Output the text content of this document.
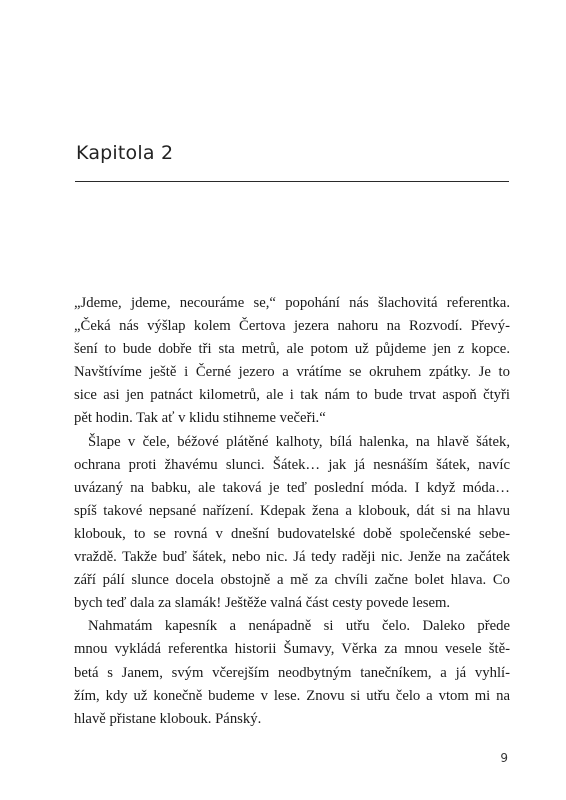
Kapitola 2

„Jdeme, jdeme, necouráme se,“ popohání nás šlachovitá referentka.
„Čeká nás výšlap kolem Čertova jezera nahoru na Rozvodí. Převý-
šení to bude dobře tři sta metrů, ale potom už půjdeme jen z kopce.
Navštívíme ještě i Černé jezero a vrátíme se okruhem zpátky. Je to
sice asi jen patnáct kilometrů, ale i tak nám to bude trvat aspoň čtyři
pět hodin. Tak ať v klidu stihneme večeři.“

Šlape v čele, béžové plátěné kalhoty, bílá halenka, na hlavě šátek,
ochrana proti žhavému slunci. Šátek… jak já nesnáším šátek, navíc
uvázaný na babku, ale taková je teď poslední móda. I když móda…
spíš takové nepsané nařízení. Kdepak žena a klobouk, dát si na hlavu
klobouk, to se rovná v dnešní budovatelské době společenské sebe-
vraždě. Takže buď šátek, nebo nic. Já tedy raději nic. Jenže na začátek
září pálí slunce docela obstojně a mě za chvíli začne bolet hlava. Co
bych teď dala za slamák! Ještěže valná část cesty povede lesem.

Nahmatám kapesník a nenápadně si utřu čelo. Daleko přede
mnou vykládá referentka historii Šumavy, Věrka za mnou vesele ště-
betá s Janem, svým včerejším neodbytným tanečníkem, a já vyhlí-
žím, kdy už konečně budeme v lese. Znovu si utřu čelo a vtom mi na
hlavě přistane klobouk. Pánský.

9
